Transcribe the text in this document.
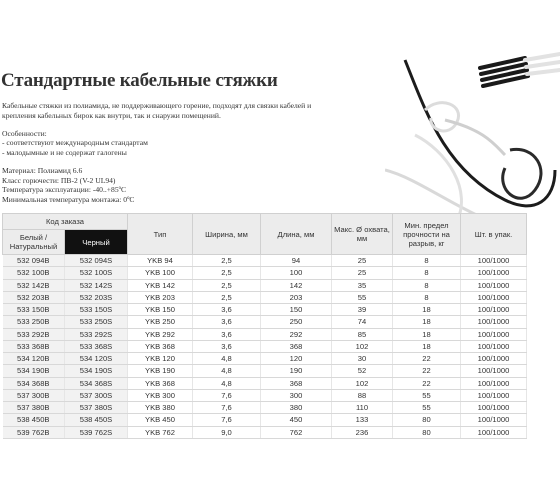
Стандартные кабельные стяжки
Кабельные стяжки из полиамида, не поддерживающего горение, подходят для связки кабелей и крепления кабельных бирок как внутри, так и снаружи помещений.
Особенности:
- соответствуют международным стандартам
- малодымные и не содержат галогены
Материал: Полиамид 6.6
Класс горючести: ПВ-2 (V-2 UL94)
Температура эксплуатации: -40..+85ºС
Минимальная температура монтажа: 0ºС
Код заказа		Тип	Ширина, мм	Длина, мм	Макс. Ø охвата, мм	Мин. предел прочности на разрыв, кг	Шт. в упак.
Белый / Натуральный	Черный						
532 094B	532 094S	YKB 94	2,5	94	25	8	100/1000
532 100B	532 100S	YKB 100	2,5	100	25	8	100/1000
532 142B	532 142S	YKB 142	2,5	142	35	8	100/1000
532 203B	532 203S	YKB 203	2,5	203	55	8	100/1000
533 150B	533 150S	YKB 150	3,6	150	39	18	100/1000
533 250B	533 250S	YKB 250	3,6	250	74	18	100/1000
533 292B	533 292S	YKB 292	3,6	292	85	18	100/1000
533 368B	533 368S	YKB 368	3,6	368	102	18	100/1000
534 120B	534 120S	YKB 120	4,8	120	30	22	100/1000
534 190B	534 190S	YKB 190	4,8	190	52	22	100/1000
534 368B	534 368S	YKB 368	4,8	368	102	22	100/1000
537 300B	537 300S	YKB 300	7,6	300	88	55	100/1000
537 380B	537 380S	YKB 380	7,6	380	110	55	100/1000
538 450B	538 450S	YKB 450	7,6	450	133	80	100/1000
539 762B	539 762S	YKB 762	9,0	762	236	80	100/1000
